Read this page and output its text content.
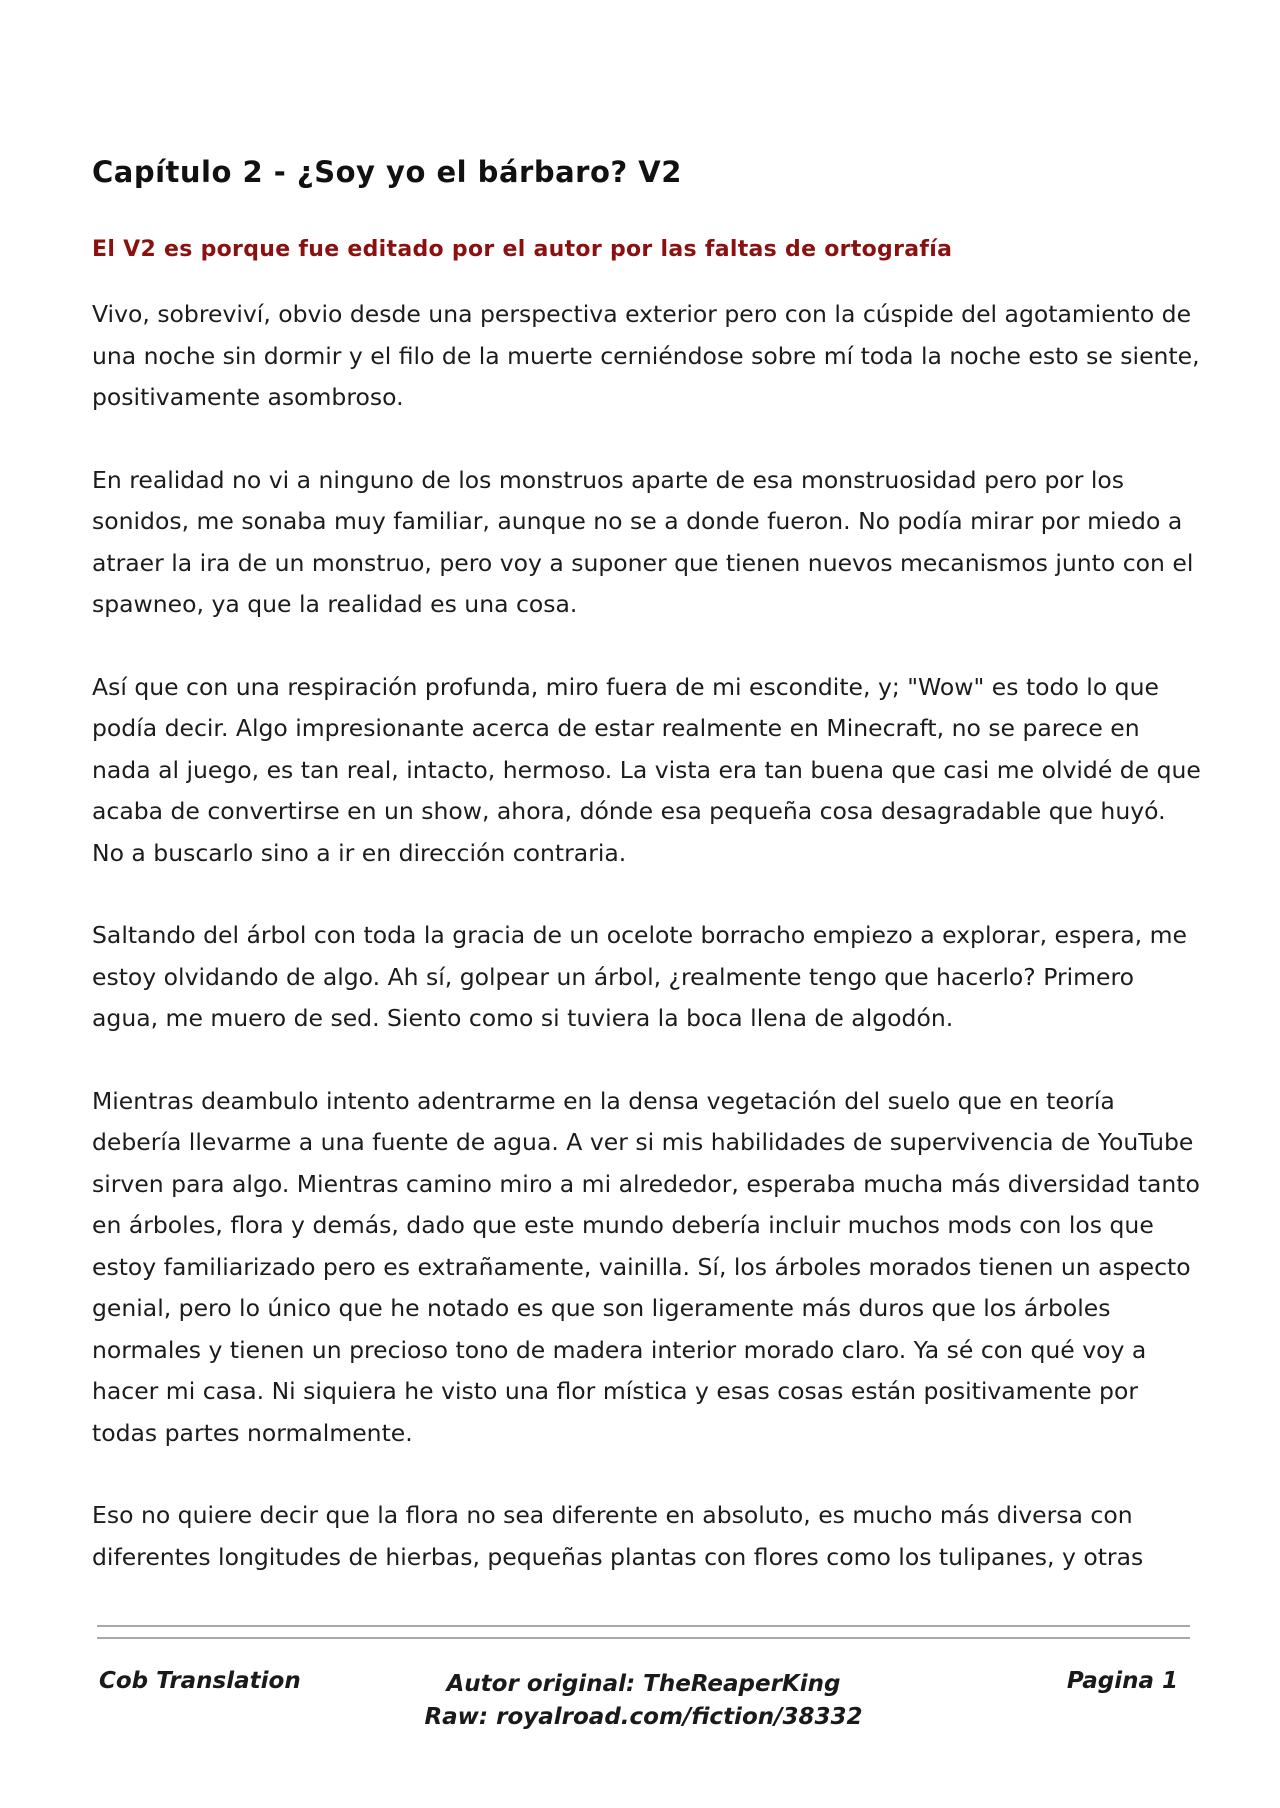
Capítulo 2 - ¿Soy yo el bárbaro? V2

El V2 es porque fue editado por el autor por las faltas de ortografía

Vivo, sobreviví, obvio desde una perspectiva exterior pero con la cúspide del agotamiento de una noche sin dormir y el filo de la muerte cerniéndose sobre mí toda la noche esto se siente, positivamente asombroso.

En realidad no vi a ninguno de los monstruos aparte de esa monstruosidad pero por los sonidos, me sonaba muy familiar, aunque no se a donde fueron. No podía mirar por miedo a atraer la ira de un monstruo, pero voy a suponer que tienen nuevos mecanismos junto con el spawneo, ya que la realidad es una cosa.

Así que con una respiración profunda, miro fuera de mi escondite, y; "Wow" es todo lo que podía decir. Algo impresionante acerca de estar realmente en Minecraft, no se parece en nada al juego, es tan real, intacto, hermoso. La vista era tan buena que casi me olvidé de que acaba de convertirse en un show, ahora, dónde esa pequeña cosa desagradable que huyó. No a buscarlo sino a ir en dirección contraria.

Saltando del árbol con toda la gracia de un ocelote borracho empiezo a explorar, espera, me estoy olvidando de algo. Ah sí, golpear un árbol, ¿realmente tengo que hacerlo? Primero agua, me muero de sed. Siento como si tuviera la boca llena de algodón.

Mientras deambulo intento adentrarme en la densa vegetación del suelo que en teoría debería llevarme a una fuente de agua. A ver si mis habilidades de supervivencia de YouTube sirven para algo. Mientras camino miro a mi alrededor, esperaba mucha más diversidad tanto en árboles, flora y demás, dado que este mundo debería incluir muchos mods con los que estoy familiarizado pero es extrañamente, vainilla. Sí, los árboles morados tienen un aspecto genial, pero lo único que he notado es que son ligeramente más duros que los árboles normales y tienen un precioso tono de madera interior morado claro. Ya sé con qué voy a hacer mi casa. Ni siquiera he visto una flor mística y esas cosas están positivamente por todas partes normalmente.

Eso no quiere decir que la flora no sea diferente en absoluto, es mucho más diversa con diferentes longitudes de hierbas, pequeñas plantas con flores como los tulipanes, y otras

Cob Translation	Autor original: TheReaperKing
Raw: royalroad.com/fiction/38332
Pagina 1
